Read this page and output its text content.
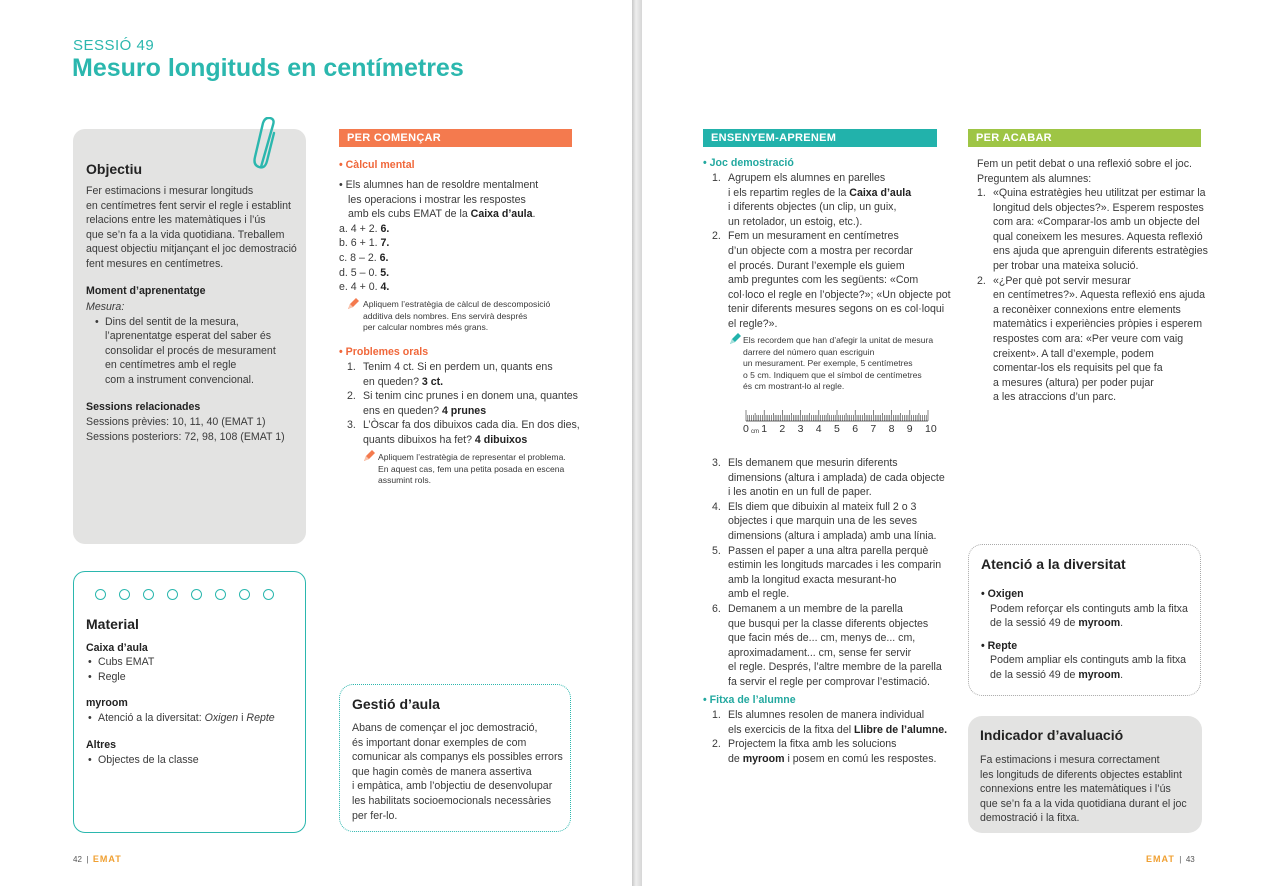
SESSIÓ 49
Mesuro longituds en centímetres
Objectiu
Fer estimacions i mesurar longituds
en centímetres fent servir el regle i establint
relacions entre les matemàtiques i l’ús
que se’n fa a la vida quotidiana. Treballem
aquest objectiu mitjançant el joc demostració
fent mesures en centímetres.
Moment d’aprenentatge
Mesura:
• Dins del sentit de la mesura,
l’aprenentatge esperat del saber és
consolidar el procés de mesurament
en centímetres amb el regle
com a instrument convencional.
Sessions relacionades
Sessions prèvies: 10, 11, 40 (EMAT 1)
Sessions posteriors: 72, 98, 108 (EMAT 1)
Material
Caixa d’aula
• Cubs EMAT
• Regle
myroom
• Atenció a la diversitat: Oxigen i Repte
Altres
• Objectes de la classe
PER COMENÇAR
• Càlcul mental
• Els alumnes han de resoldre mentalment
les operacions i mostrar les respostes
amb els cubs EMAT de la Caixa d’aula.
a. 4 + 2. 6.
b. 6 + 1. 7.
c. 8 – 2. 6.
d. 5 – 0. 5.
e. 4 + 0. 4.
Apliquem l’estratègia de càlcul de descomposició
additiva dels nombres. Ens servirà després
per calcular nombres més grans.
• Problemes orals
1. Tenim 4 ct. Si en perdem un, quants ens
en queden? 3 ct.
2. Si tenim cinc prunes i en donem una, quantes
ens en queden? 4 prunes
3. L’Òscar fa dos dibuixos cada dia. En dos dies,
quants dibuixos ha fet? 4 dibuixos
Apliquem l’estratègia de representar el problema.
En aquest cas, fem una petita posada en escena
assumint rols.
Gestió d’aula
Abans de començar el joc demostració,
és important donar exemples de com
comunicar als companys els possibles errors
que hagin comès de manera assertiva
i empàtica, amb l’objectiu de desenvolupar
les habilitats socioemocionals necessàries
per fer-lo.
42 | EMAT
ENSENYEM-APRENEM
• Joc demostració
1. Agrupem els alumnes en parelles
i els repartim regles de la Caixa d’aula
i diferents objectes (un clip, un guix,
un retolador, un estoig, etc.).
2. Fem un mesurament en centímetres
d’un objecte com a mostra per recordar
el procés. Durant l’exemple els guiem
amb preguntes com les següents: «Com
col·loco el regle en l’objecte?»; «Un objecte pot
tenir diferents mesures segons on es col·loqui
el regle?».
Els recordem que han d’afegir la unitat de mesura
darrere del número quan escriguin
un mesurament. Per exemple, 5 centímetres
o 5 cm. Indiquem que el símbol de centímetres
és cm mostrant-lo al regle.
0 1 2 3 4 5 6 7 8 9 10
cm
3. Els demanem que mesurin diferents
dimensions (altura i amplada) de cada objecte
i les anotin en un full de paper.
4. Els diem que dibuixin al mateix full 2 o 3
objectes i que marquin una de les seves
dimensions (altura i amplada) amb una línia.
5. Passen el paper a una altra parella perquè
estimin les longituds marcades i les comparin
amb la longitud exacta mesurant-ho
amb el regle.
6. Demanem a un membre de la parella
que busqui per la classe diferents objectes
que facin més de... cm, menys de... cm,
aproximadament... cm, sense fer servir
el regle. Després, l’altre membre de la parella
fa servir el regle per comprovar l’estimació.
• Fitxa de l’alumne
1. Els alumnes resolen de manera individual
els exercicis de la fitxa del Llibre de l’alumne.
2. Projectem la fitxa amb les solucions
de myroom i posem en comú les respostes.
PER ACABAR
Fem un petit debat o una reflexió sobre el joc.
Preguntem als alumnes:
1. «Quina estratègies heu utilitzat per estimar la
longitud dels objectes?». Esperem respostes
com ara: «Comparar-los amb un objecte del
qual coneixem les mesures. Aquesta reflexió
ens ajuda que aprenguin diferents estratègies
per trobar una mateixa solució.
2. «¿Per què pot servir mesurar
en centímetres?». Aquesta reflexió ens ajuda
a reconèixer connexions entre elements
matemàtics i experiències pròpies i esperem
respostes com ara: «Per veure com vaig
creixent». A tall d’exemple, podem
comentar-los els requisits pel que fa
a mesures (altura) per poder pujar
a les atraccions d’un parc.
Atenció a la diversitat
• Oxigen
Podem reforçar els continguts amb la fitxa
de la sessió 49 de myroom.
• Repte
Podem ampliar els continguts amb la fitxa
de la sessió 49 de myroom.
Indicador d’avaluació
Fa estimacions i mesura correctament
les longituds de diferents objectes establint
connexions entre les matemàtiques i l’ús
que se’n fa a la vida quotidiana durant el joc
demostració i la fitxa.
EMAT | 43
